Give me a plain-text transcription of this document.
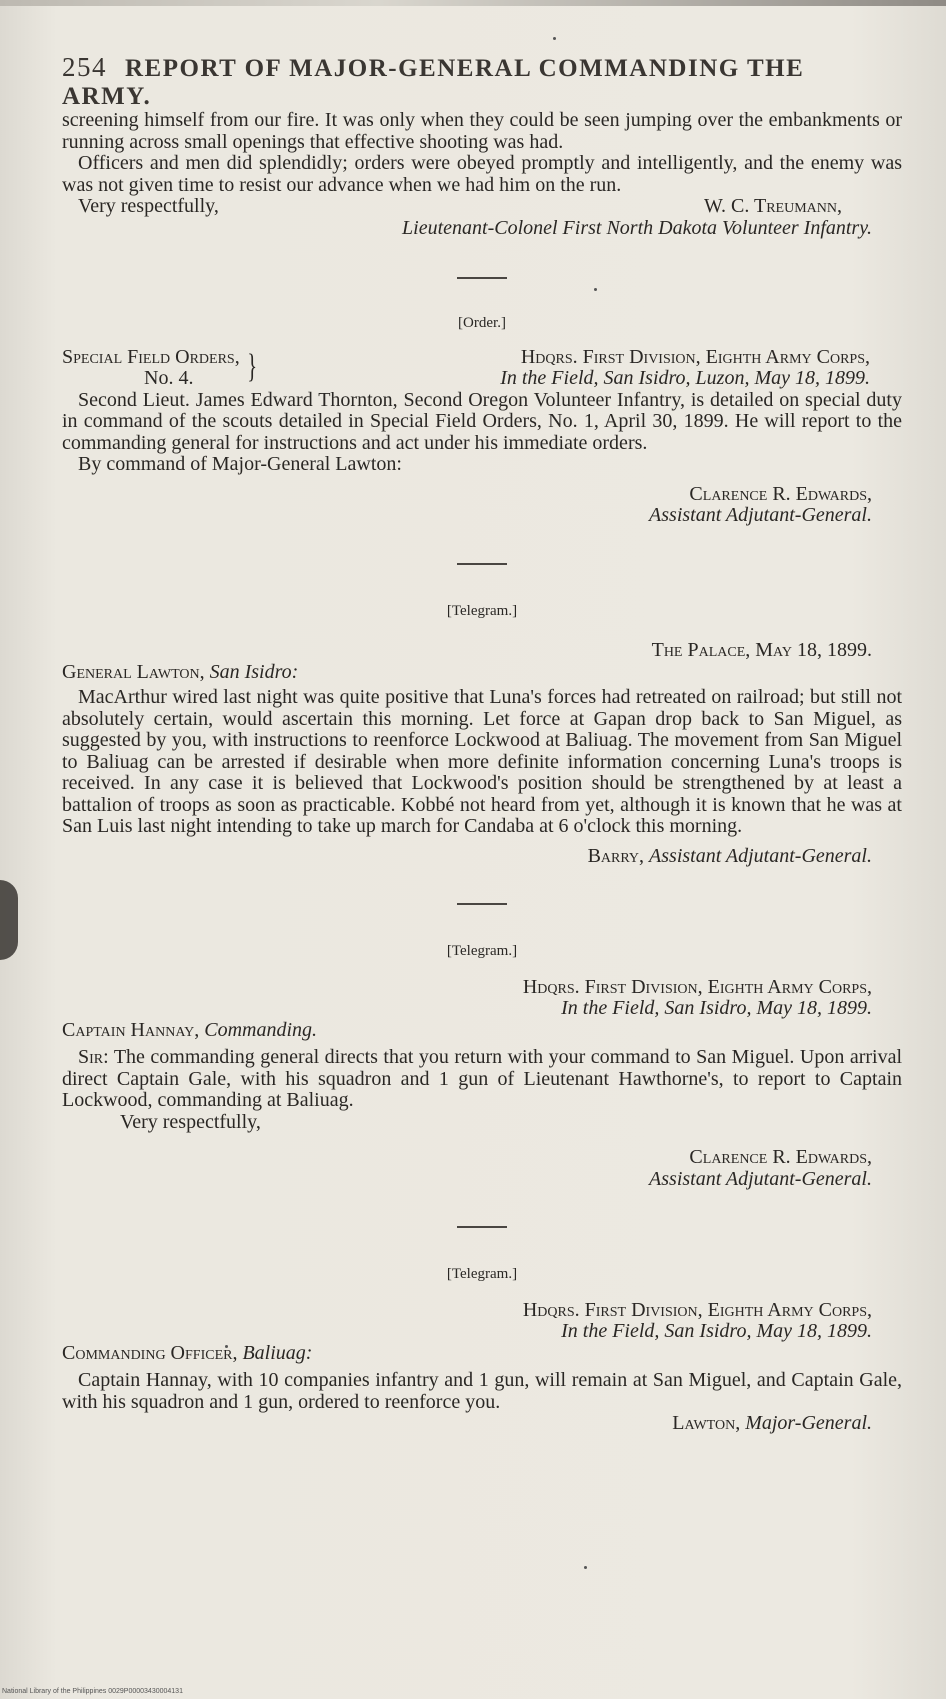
254 REPORT OF MAJOR-GENERAL COMMANDING THE ARMY.

screening himself from our fire. It was only when they could be seen jumping over the embankments or running across small openings that effective shooting was had.

Officers and men did splendidly; orders were obeyed promptly and intelligently, and the enemy was was not given time to resist our advance when we had him on the run.

Very respectfully,	W. C. Treumann,

Lieutenant-Colonel First North Dakota Volunteer Infantry.

[Order.]

Special Field Orders,
No. 4.	}	Hdqrs. First Division, Eighth Army Corps,
In the Field, San Isidro, Luzon, May 18, 1899.

Second Lieut. James Edward Thornton, Second Oregon Volunteer Infantry, is detailed on special duty in command of the scouts detailed in Special Field Orders, No. 1, April 30, 1899. He will report to the commanding general for instructions and act under his immediate orders.

By command of Major-General Lawton:

Clarence R. Edwards,

Assistant Adjutant-General.

[Telegram.]

The Palace, May 18, 1899.

General Lawton, San Isidro:

MacArthur wired last night was quite positive that Luna's forces had retreated on railroad; but still not absolutely certain, would ascertain this morning. Let force at Gapan drop back to San Miguel, as suggested by you, with instructions to reenforce Lockwood at Baliuag. The movement from San Miguel to Baliuag can be arrested if desirable when more definite information concerning Luna's troops is received. In any case it is believed that Lockwood's position should be strengthened by at least a battalion of troops as soon as practicable. Kobbé not heard from yet, although it is known that he was at San Luis last night intending to take up march for Candaba at 6 o'clock this morning.

Barry, Assistant Adjutant-General.

[Telegram.]

Hdqrs. First Division, Eighth Army Corps,
In the Field, San Isidro, May 18, 1899.

Captain Hannay, Commanding.

Sir: The commanding general directs that you return with your command to San Miguel. Upon arrival direct Captain Gale, with his squadron and 1 gun of Lieutenant Hawthorne's, to report to Captain Lockwood, commanding at Baliuag.

Very respectfully,

Clarence R. Edwards,

Assistant Adjutant-General.

[Telegram.]

Hdqrs. First Division, Eighth Army Corps,
In the Field, San Isidro, May 18, 1899.

Commanding Officer, Baliuag:

Captain Hannay, with 10 companies infantry and 1 gun, will remain at San Miguel, and Captain Gale, with his squadron and 1 gun, ordered to reenforce you.

Lawton, Major-General.

National Library of the Philippines 0029P00003430004131
